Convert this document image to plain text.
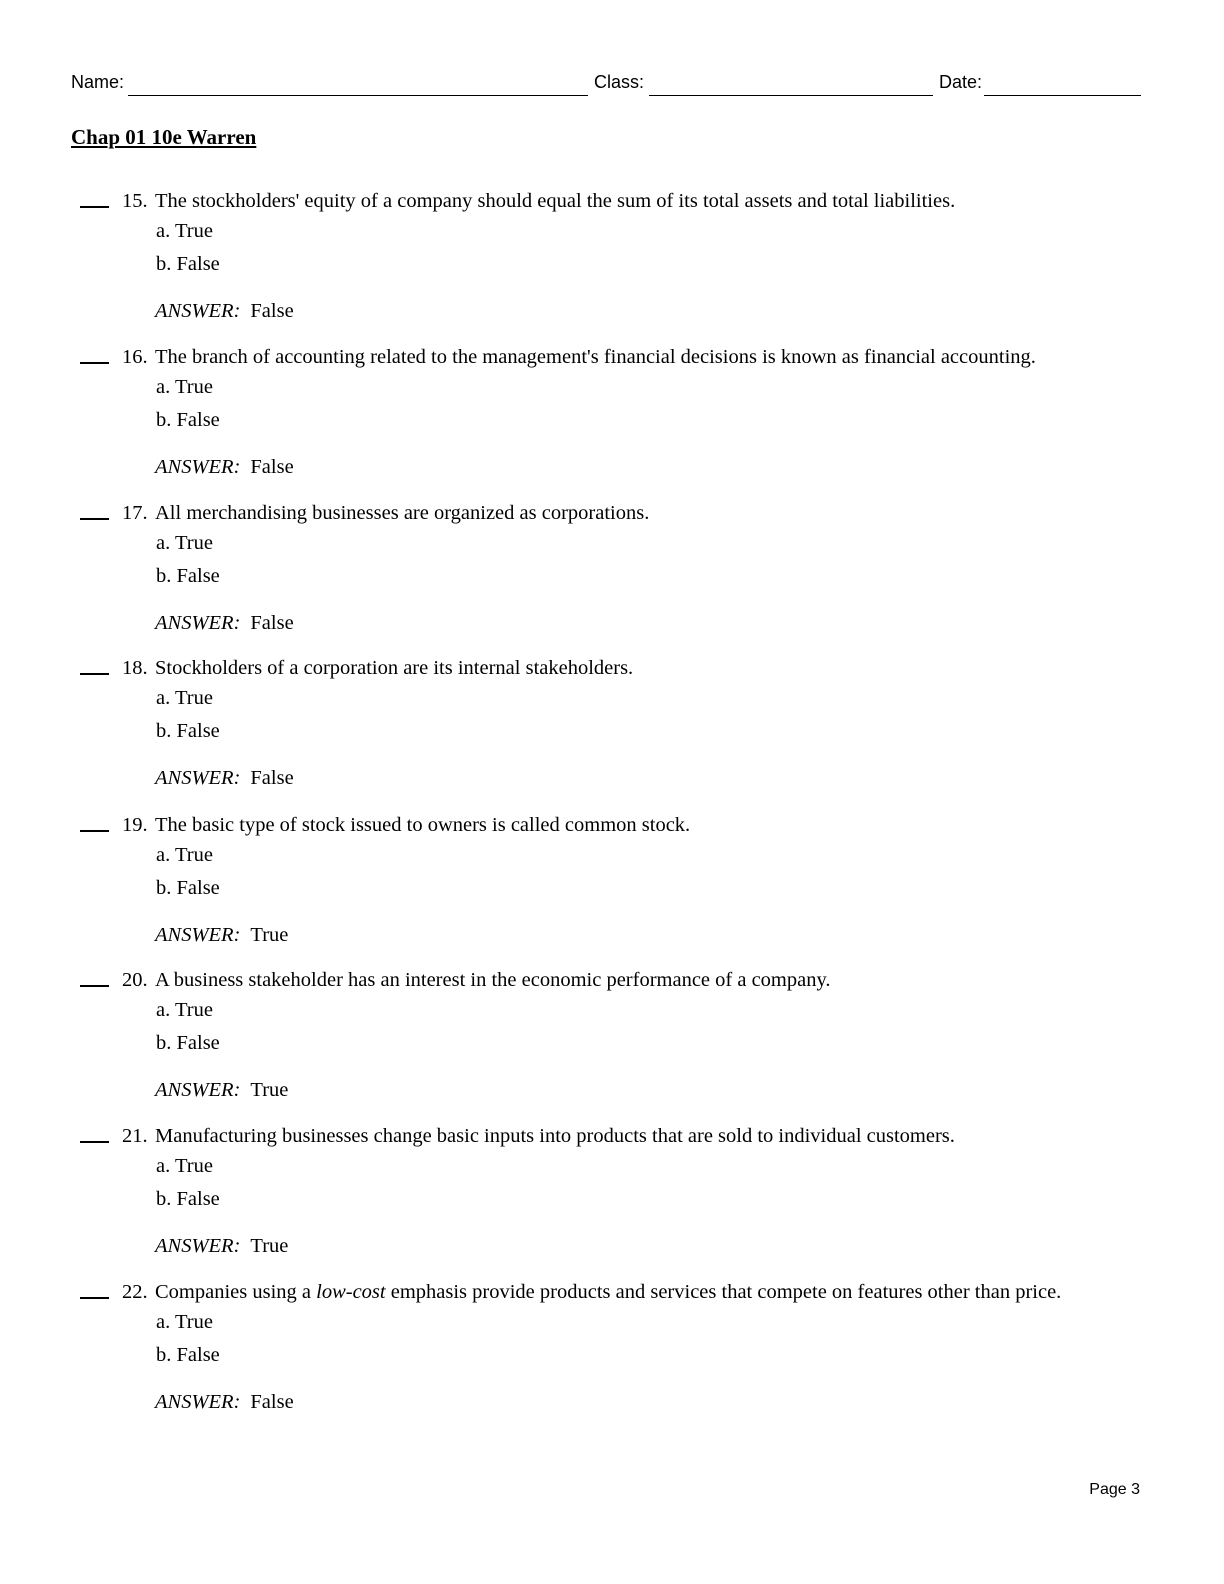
Name:	Class:	Date:
Chap 01 10e Warren
15. The stockholders' equity of a company should equal the sum of its total assets and total liabilities.
a. True
b. False
ANSWER: False
16. The branch of accounting related to the management's financial decisions is known as financial accounting.
a. True
b. False
ANSWER: False
17. All merchandising businesses are organized as corporations.
a. True
b. False
ANSWER: False
18. Stockholders of a corporation are its internal stakeholders.
a. True
b. False
ANSWER: False
19. The basic type of stock issued to owners is called common stock.
a. True
b. False
ANSWER: True
20. A business stakeholder has an interest in the economic performance of a company.
a. True
b. False
ANSWER: True
21. Manufacturing businesses change basic inputs into products that are sold to individual customers.
a. True
b. False
ANSWER: True
22. Companies using a low-cost emphasis provide products and services that compete on features other than price.
a. True
b. False
ANSWER: False
Page 3
